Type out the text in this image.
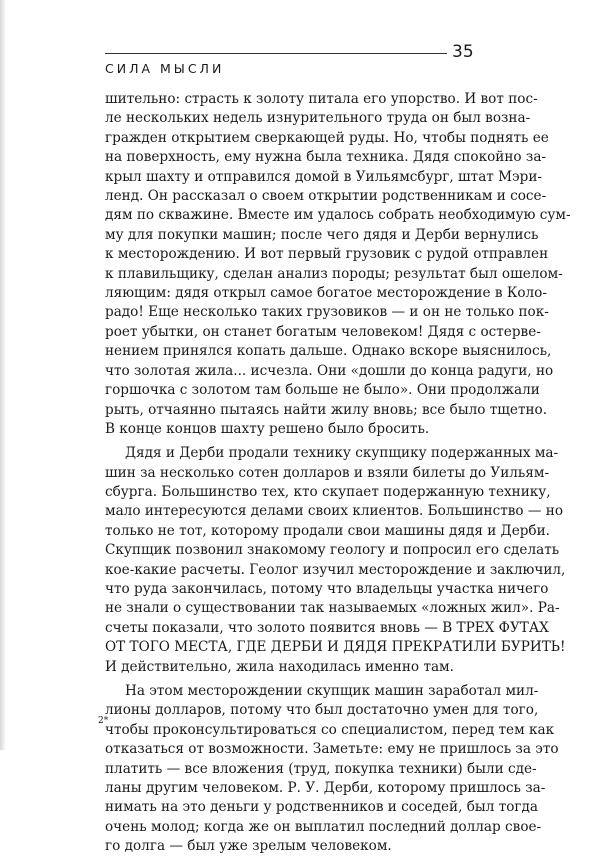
35
СИЛА МЫСЛИ
шительно: страсть к золоту питала его упорство. И вот пос-
ле нескольких недель изнурительного труда он был возна-
гражден открытием сверкающей руды. Но, чтобы поднять ее
на поверхность, ему нужна была техника. Дядя спокойно за-
крыл шахту и отправился домой в Уильямсбург, штат Мэри-
ленд. Он рассказал о своем открытии родственникам и сосе-
дям по скважине. Вместе им удалось собрать необходимую сум-
му для покупки машин; после чего дядя и Дерби вернулись
к месторождению. И вот первый грузовик с рудой отправлен
к плавильщику, сделан анализ породы; результат был ошелом-
ляющим: дядя открыл самое богатое месторождение в Коло-
радо! Еще несколько таких грузовиков — и он не только пок-
роет убытки, он станет богатым человеком! Дядя с остерве-
нением принялся копать дальше. Однако вскоре выяснилось,
что золотая жила... исчезла. Они «дошли до конца радуги, но
горшочка с золотом там больше не было». Они продолжали
рыть, отчаянно пытаясь найти жилу вновь; все было тщетно.
В конце концов шахту решено было бросить.
Дядя и Дерби продали технику скупщику подержанных ма-
шин за несколько сотен долларов и взяли билеты до Уильям-
сбурга. Большинство тех, кто скупает подержанную технику,
мало интересуются делами своих клиентов. Большинство — но
только не тот, которому продали свои машины дядя и Дерби.
Скупщик позвонил знакомому геологу и попросил его сделать
кое-какие расчеты. Геолог изучил месторождение и заключил,
что руда закончилась, потому что владельцы участка ничего
не знали о существовании так называемых «ложных жил». Ра-
счеты показали, что золото появится вновь — В ТРЕХ ФУТАХ
ОТ ТОГО МЕСТА, ГДЕ ДЕРБИ И ДЯДЯ ПРЕКРАТИЛИ БУРИТЬ!
И действительно, жила находилась именно там.
На этом месторождении скупщик машин заработал мил-
лионы долларов, потому что был достаточно умен для того,
чтобы проконсультироваться со специалистом, перед тем как
отказаться от возможности. Заметьте: ему не пришлось за это
платить — все вложения (труд, покупка техники) были сде-
ланы другим человеком. Р. У. Дерби, которому пришлось за-
нимать на это деньги у родственников и соседей, был тогда
очень молод; когда же он выплатил последний доллар свое-
го долга — был уже зрелым человеком.
2*
